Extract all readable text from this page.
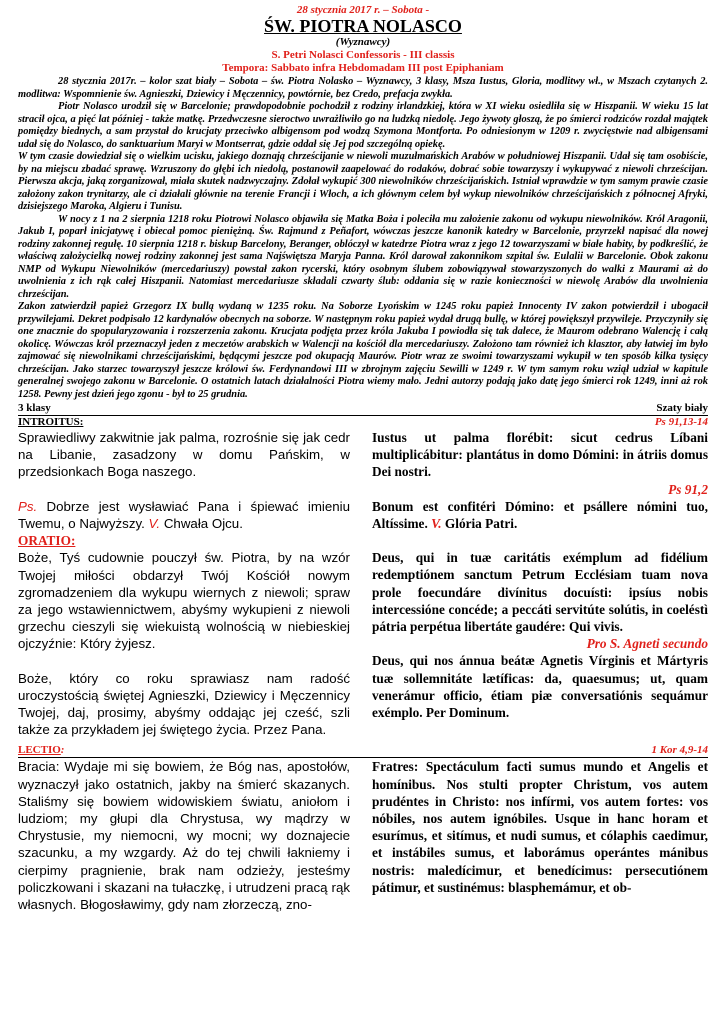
28 stycznia 2017 r. – Sobota -
ŚW. PIOTRA NOLASCO
(Wyznawcy)
S. Petri Nolasci Confessoris - III classis
Tempora: Sabbato infra Hebdomadam III post Epiphaniam

28 stycznia 2017r. – kolor szat biały – Sobota – św. Piotra Nolasko – Wyznawcy, 3 klasy, Msza Iustus, Gloria, modlitwy wł., w Mszach czytanych 2. modlitwa: Wspomnienie św. Agnieszki, Dziewicy i Męczennicy, powtórnie, bez Credo, prefacja zwykła.

Piotr Nolasco urodził się w Barcelonie; prawdopodobnie pochodził z rodziny irlandzkiej, która w XI wieku osiedliła się w Hiszpanii. W wieku 15 lat stracił ojca, a pięć lat później - także matkę. Przedwczesne sieroctwo uwrażliwiło go na ludzką niedolę. Jego żywoty głoszą, że po śmierci rodziców rozdał majątek pomiędzy biednych, a sam przystał do krucjaty przeciwko albigensom pod wodzą Szymona Montforta. Po odniesionym w 1209 r. zwycięstwie nad albigensami udał się do Nolasco, do sanktuarium Maryi w Montserrat, gdzie oddał się Jej pod szczególną opiekę.

W tym czasie dowiedział się o wielkim ucisku, jakiego doznają chrześcijanie w niewoli muzułmańskich Arabów w południowej Hiszpanii. Udał się tam osobiście, by na miejscu zbadać sprawę. Wzruszony do głębi ich niedolą, postanowił zaapelować do rodaków, dobrać sobie towarzyszy i wykupywać z niewoli chrześcijan. Pierwsza akcja, jaką zorganizował, miała skutek nadzwyczajny. Zdołał wykupić 300 niewolników chrześcijańskich. Istniał wprawdzie w tym samym prawie czasie założony zakon trynitarzy, ale ci działali głównie na terenie Francji i Włoch, a ich głównym celem był wykup niewolników chrześcijańskich z północnej Afryki, dzisiejszego Maroka, Algieru i Tunisu.

W nocy z 1 na 2 sierpnia 1218 roku Piotrowi Nolasco objawiła się Matka Boża i poleciła mu założenie zakonu od wykupu niewolników. Król Aragonii, Jakub I, poparł inicjatywę i obiecał pomoc pieniężną. Św. Rajmund z Peñafort, wówczas jeszcze kanonik katedry w Barcelonie, przyrzekł napisać dla nowej rodziny zakonnej regułę. 10 sierpnia 1218 r. biskup Barcelony, Beranger, oblóczył w katedrze Piotra wraz z jego 12 towarzyszami w białe habity, by podkreślić, że właściwą założycielką nowej rodziny zakonnej jest sama Najświętsza Maryja Panna. Król darował zakonnikom szpital św. Eulalii w Barcelonie. Obok zakonu NMP od Wykupu Niewolników (mercedariuszy) powstał zakon rycerski, który osobnym ślubem zobowiązywał stowarzyszonych do walki z Maurami aż do uwolnienia z ich rąk całej Hiszpanii. Natomiast mercedariusze składali czwarty ślub: oddania się w razie konieczności w niewolę Arabów dla uwolnienia chrześcijan.

Zakon zatwierdził papież Grzegorz IX bullą wydaną w 1235 roku. Na Soborze Lyońskim w 1245 roku papież Innocenty IV zakon potwierdził i ubogacił przywilejami. Dekret podpisało 12 kardynałów obecnych na soborze. W następnym roku papież wydał drugą bullę, w której powiększył przywileje. Przyczyniły się one znacznie do spopularyzowania i rozszerzenia zakonu. Krucjata podjęta przez króla Jakuba I powiodła się tak dalece, że Maurom odebrano Walencję i całą okolicę. Wówczas król przeznaczył jeden z meczetów arabskich w Walencji na kościół dla mercedariuszy. Założono tam również ich klasztor, aby łatwiej im było zajmować się niewolnikami chrześcijańskimi, będącymi jeszcze pod okupacją Maurów. Piotr wraz ze swoimi towarzyszami wykupił w ten sposób kilka tysięcy chrześcijan. Jako starzec towarzyszył jeszcze królowi św. Ferdynandowi III w zbrojnym zajęciu Sewilli w 1249 r. W tym samym roku wziął udział w kapitule generalnej swojego zakonu w Barcelonie. O ostatnich latach działalności Piotra wiemy mało. Jedni autorzy podają jako datę jego śmierci rok 1249, inni aż rok 1258. Pewny jest dzień jego zgonu - był to 25 grudnia.

3 klasy	Szaty biały
INTROITUS:	Ps 91,13-14

Sprawiedliwy zakwitnie jak palma, rozrośnie się jak cedr na Libanie, zasadzony w domu Pańskim, w przedsionkach Boga naszego.

Ps. Dobrze jest wysławiać Pana i śpiewać imieniu Twemu, o Najwyższy. V. Chwała Ojcu.

Iustus ut palma florébit: sicut cedrus Líbani multiplicábitur: plantátus in domo Dómini: in átriis domus Dei nostri.

Ps 91,2

Bonum est confitéri Dómino: et psállere nómini tuo, Altíssime. V. Glória Patri.

ORATIO:

Boże, Tyś cudownie pouczył św. Piotra, by na wzór Twojej miłości obdarzył Twój Kościół nowym zgromadzeniem dla wykupu wiernych z niewoli; spraw za jego wstawiennictwem, abyśmy wykupieni z niewoli grzechu cieszyli się wiekuistą wolnością w niebieskiej ojczyźnie: Który żyjesz.

Boże, który co roku sprawiasz nam radość uroczystością świętej Agnieszki, Dziewicy i Męczennicy Twojej, daj, prosimy, abyśmy oddając jej cześć, szli także za przykładem jej świętego życia. Przez Pana.

Deus, qui in tuæ caritátis exémplum ad fidélium redemptiónem sanctum Petrum Ecclésiam tuam nova prole foecundáre divínitus docuísti: ipsíus nobis intercessióne concéde; a peccáti servitúte solútis, in coeléstì pátria perpétua libertáte gaudére: Qui vivis.

Pro S. Agneti secundo

Deus, qui nos ánnua beátæ Agnetis Vírginis et Mártyris tuæ sollemnitáte lætíficas: da, quaesumus; ut, quam venerámur officio, étiam piæ conversatiónis sequámur exémplo. Per Dominum.

LECTIO:	1 Kor 4,9-14

Bracia: Wydaje mi się bowiem, że Bóg nas, apostołów, wyznaczył jako ostatnich, jakby na śmierć skazanych. Staliśmy się bowiem widowiskiem światu, aniołom i ludziom; my głupi dla Chrystusa, wy mądrzy w Chrystusie, my niemocni, wy mocni; wy doznajecie szacunku, a my wzgardy. Aż do tej chwili łakniemy i cierpimy pragnienie, brak nam odzieży, jesteśmy policzkowani i skazani na tułaczkę, i utrudzeni pracą rąk własnych. Błogosławimy, gdy nam złorzeczą, zno-

Fratres: Spectáculum facti sumus mundo et Angelis et homínibus. Nos stulti propter Christum, vos autem prudéntes in Christo: nos infírmi, vos autem fortes: vos nóbiles, nos autem ignóbiles. Usque in hanc horam et esurímus, et sitímus, et nudi sumus, et cólaphis caedimur, et instábiles sumus, et laborámus operántes mánibus nostris: maledícimur, et benedícimus: persecutiónem pátimur, et sustinémus: blasphemámur, et ob-
